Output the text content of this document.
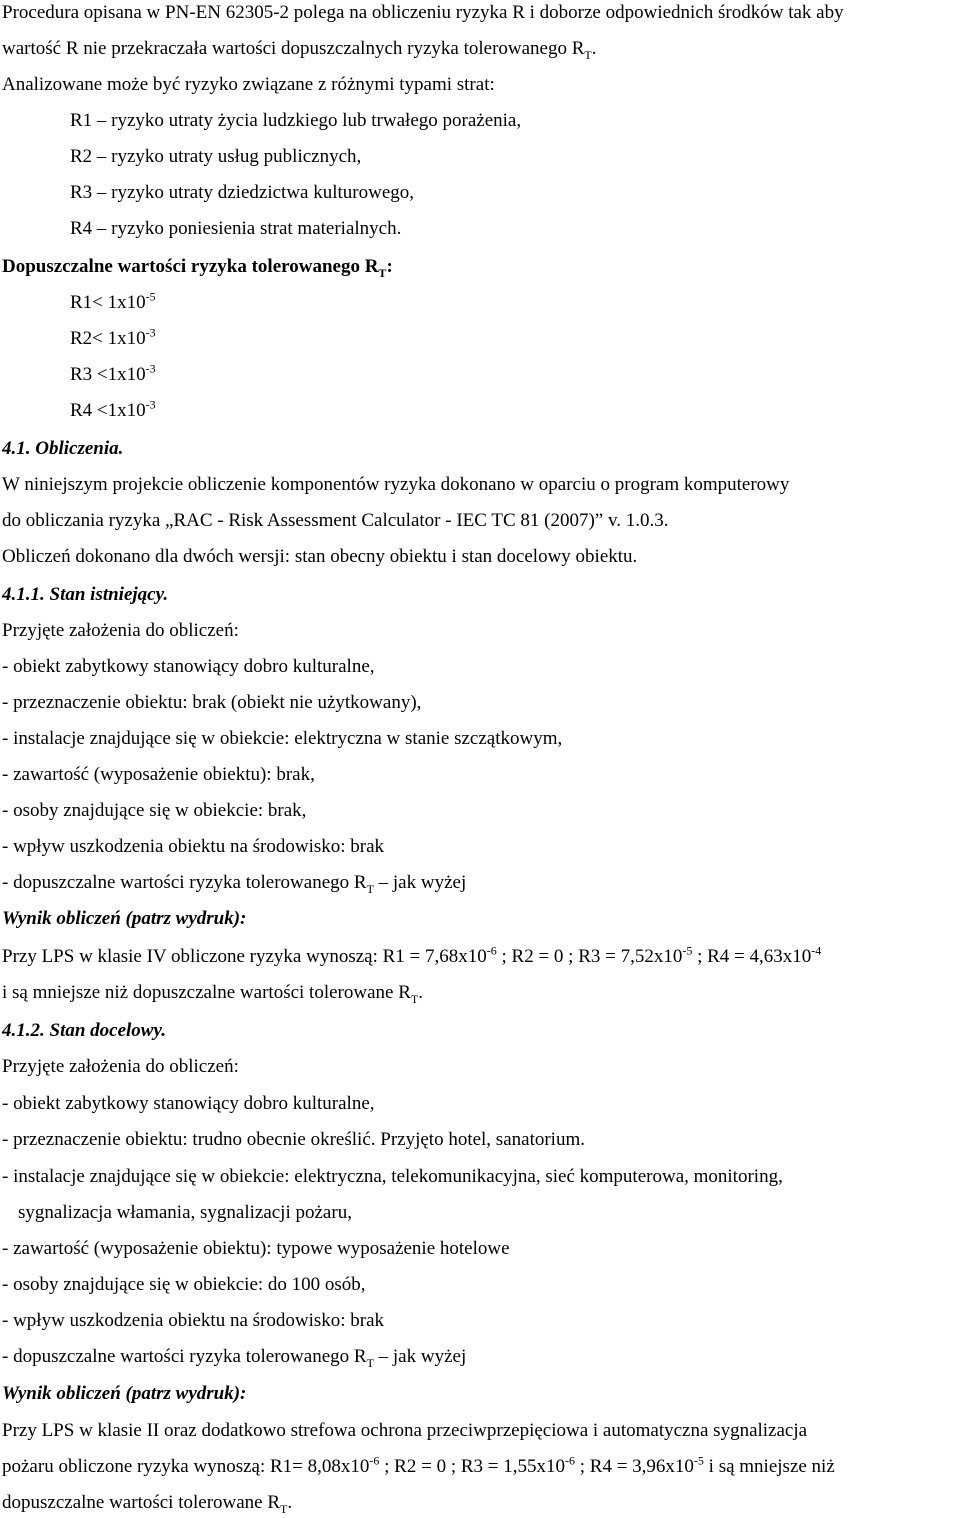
Procedura opisana w PN-EN 62305-2 polega na obliczeniu ryzyka R i doborze odpowiednich środków tak aby
wartość R nie przekraczała wartości dopuszczalnych ryzyka tolerowanego $R_T$.
Analizowane może być ryzyko związane z różnymi typami strat:
R1 – ryzyko utraty życia ludzkiego lub trwałego porażenia,
R2 – ryzyko utraty usług publicznych,
R3 – ryzyko utraty dziedzictwa kulturowego,
R4 – ryzyko poniesienia strat materialnych.
Dopuszczalne wartości ryzyka tolerowanego $R_T$:
$R1< 1x10^{-5}$
$R2< 1x10^{-3}$
$R3 <1x10^{-3}$
$R4 <1x10^{-3}$
4.1. Obliczenia.
W niniejszym projekcie obliczenie komponentów ryzyka dokonano w oparciu o program komputerowy
do obliczania ryzyka „RAC - Risk Assessment Calculator - IEC TC 81 (2007)” v. 1.0.3.
Obliczeń dokonano dla dwóch wersji: stan obecny obiektu i stan docelowy obiektu.
4.1.1. Stan istniejący.
Przyjęte założenia do obliczeń:
- obiekt zabytkowy stanowiący dobro kulturalne,
- przeznaczenie obiektu: brak (obiekt nie użytkowany),
- instalacje znajdujące się w obiekcie: elektryczna w stanie szczątkowym,
- zawartość (wyposażenie obiektu): brak,
- osoby znajdujące się w obiekcie: brak,
- wpływ uszkodzenia obiektu na środowisko: brak
- dopuszczalne wartości ryzyka tolerowanego $R_T$ – jak wyżej
Wynik obliczeń (patrz wydruk):
Przy LPS w klasie IV obliczone ryzyka wynoszą: $R1 = 7,68x10^{-6}$ ; R2 = 0 ; $R3 = 7,52x10^{-5}$ ; $R4 = 4,63x10^{-4}$
i są mniejsze niż dopuszczalne wartości tolerowane $R_T$.
4.1.2. Stan docelowy.
Przyjęte założenia do obliczeń:
- obiekt zabytkowy stanowiący dobro kulturalne,
- przeznaczenie obiektu: trudno obecnie określić. Przyjęto hotel, sanatorium.
- instalacje znajdujące się w obiekcie: elektryczna, telekomunikacyjna, sieć komputerowa, monitoring,
sygnalizacja włamania, sygnalizacji pożaru,
- zawartość (wyposażenie obiektu): typowe wyposażenie hotelowe
- osoby znajdujące się w obiekcie: do 100 osób,
- wpływ uszkodzenia obiektu na środowisko: brak
- dopuszczalne wartości ryzyka tolerowanego $R_T$ – jak wyżej
Wynik obliczeń (patrz wydruk):
Przy LPS w klasie II oraz dodatkowo strefowa ochrona przeciwprzepięciowa i automatyczna sygnalizacja
pożaru obliczone ryzyka wynoszą: $R1= 8,08x10^{-6}$ ; R2 = 0 ; $R3 = 1,55x10^{-6}$ ; $R4 = 3,96x10^{-5}$ i są mniejsze niż
dopuszczalne wartości tolerowane $R_T$.
